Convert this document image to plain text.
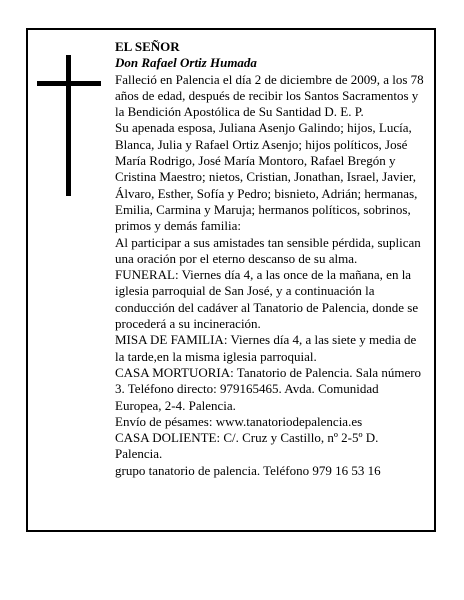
EL SEÑOR

Don Rafael Ortiz Humada

Falleció en Palencia el día 2 de diciembre de 2009, a los 78 años de edad, después de recibir los Santos Sacramentos y la Bendición Apostólica de Su Santidad D. E. P.

Su apenada esposa, Juliana Asenjo Galindo; hijos, Lucía, Blanca, Julia y Rafael Ortiz Asenjo; hijos políticos, José María Rodrigo, José María Montoro, Rafael Bregón y Cristina Maestro; nietos, Cristian, Jonathan, Israel, Javier, Álvaro, Esther, Sofía y Pedro; bisnieto, Adrián; hermanas, Emilia, Carmina y Maruja; hermanos políticos, sobrinos, primos y demás familia:

Al participar a sus amistades tan sensible pérdida, suplican una oración por el eterno descanso de su alma.

FUNERAL: Viernes día 4, a las once de la mañana, en la iglesia parroquial de San José, y a continuación la conducción del cadáver al Tanatorio de Palencia, donde se procederá a su incineración.

MISA DE FAMILIA: Viernes día 4, a las siete y media de la tarde,en la misma iglesia parroquial.

CASA MORTUORIA: Tanatorio de Palencia. Sala número 3. Teléfono directo: 979165465. Avda. Comunidad Europea, 2-4. Palencia.

Envío de pésames: www.tanatoriodepalencia.es

CASA DOLIENTE: C/. Cruz y Castillo, nº 2-5º D. Palencia.

grupo tanatorio de palencia. Teléfono 979 16 53 16
